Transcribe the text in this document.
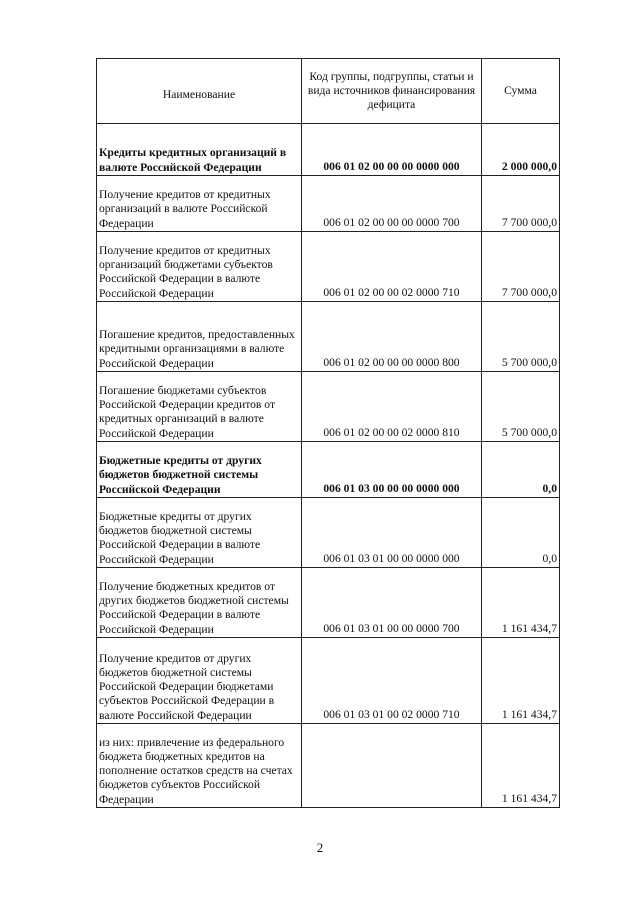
Наименование	Код группы, подгруппы, статьи и вида источников финансирования дефицита	Сумма
Кредиты кредитных организаций в валюте Российской Федерации	006 01 02 00 00 00 0000 000	2 000 000,0
Получение кредитов от кредитных организаций в валюте Российской Федерации	006 01 02 00 00 00 0000 700	7 700 000,0
Получение кредитов от кредитных организаций бюджетами субъектов Российской Федерации в валюте Российской Федерации	006 01 02 00 00 02 0000 710	7 700 000,0
Погашение кредитов, предоставленных кредитными организациями в валюте Российской Федерации	006 01 02 00 00 00 0000 800	5 700 000,0
Погашение бюджетами субъектов Российской Федерации кредитов от кредитных организаций в валюте Российской Федерации	006 01 02 00 00 02 0000 810	5 700 000,0
Бюджетные кредиты от других бюджетов бюджетной системы Российской Федерации	006 01 03 00 00 00 0000 000	0,0
Бюджетные кредиты от других бюджетов бюджетной системы Российской Федерации в валюте Российской Федерации	006 01 03 01 00 00 0000 000	0,0
Получение бюджетных кредитов от других бюджетов бюджетной системы Российской Федерации в валюте Российской Федерации	006 01 03 01 00 00 0000 700	1 161 434,7
Получение кредитов от других бюджетов бюджетной системы Российской Федерации бюджетами субъектов Российской Федерации в валюте Российской Федерации	006 01 03 01 00 02 0000 710	1 161 434,7
из них: привлечение из федерального бюджета бюджетных кредитов на пополнение остатков средств на счетах бюджетов субъектов Российской Федерации		1 161 434,7
2
